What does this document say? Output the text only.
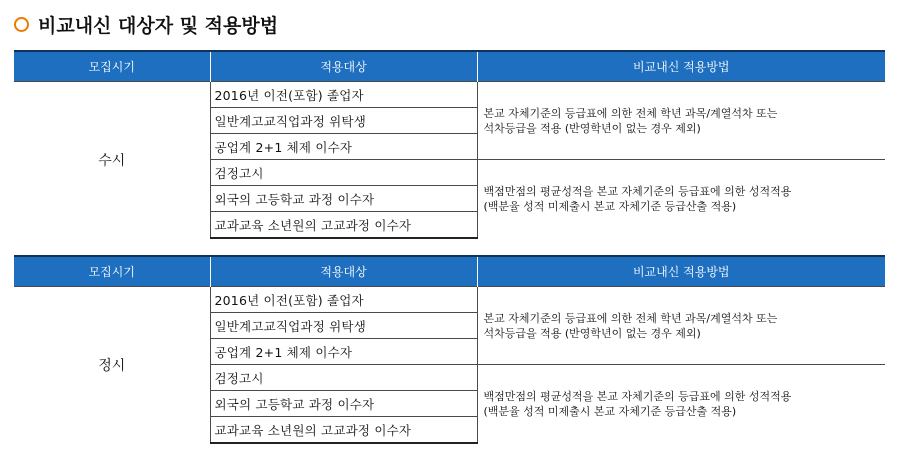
비교내신 대상자 및 적용방법
모집시기	적용대상	비교내신 적용방법
수시	2016년 이전(포함) 졸업자	본교 자체기준의 등급표에 의한 전체 학년 과목/계열석차 또는
석차등급을 적용 (반영학년이 없는 경우 제외)

	일반계고교직업과정 위탁생	
	공업계 2+1 체제 이수자	
	검정고시	백점만점의 평균성적을 본교 자체기준의 등급표에 의한 성적적용
(백분율 성적 미제출시 본교 자체기준 등급산출 적용)

	외국의 고등학교 과정 이수자	
	교과교육 소년원의 고교과정 이수자	
모집시기	적용대상	비교내신 적용방법
정시	2016년 이전(포함) 졸업자	본교 자체기준의 등급표에 의한 전체 학년 과목/계열석차 또는
석차등급을 적용 (반영학년이 없는 경우 제외)

	일반계고교직업과정 위탁생	
	공업계 2+1 체제 이수자	
	검정고시	백점만점의 평균성적을 본교 자체기준의 등급표에 의한 성적적용
(백분율 성적 미제출시 본교 자체기준 등급산출 적용)

	외국의 고등학교 과정 이수자	
	교과교육 소년원의 고교과정 이수자	
